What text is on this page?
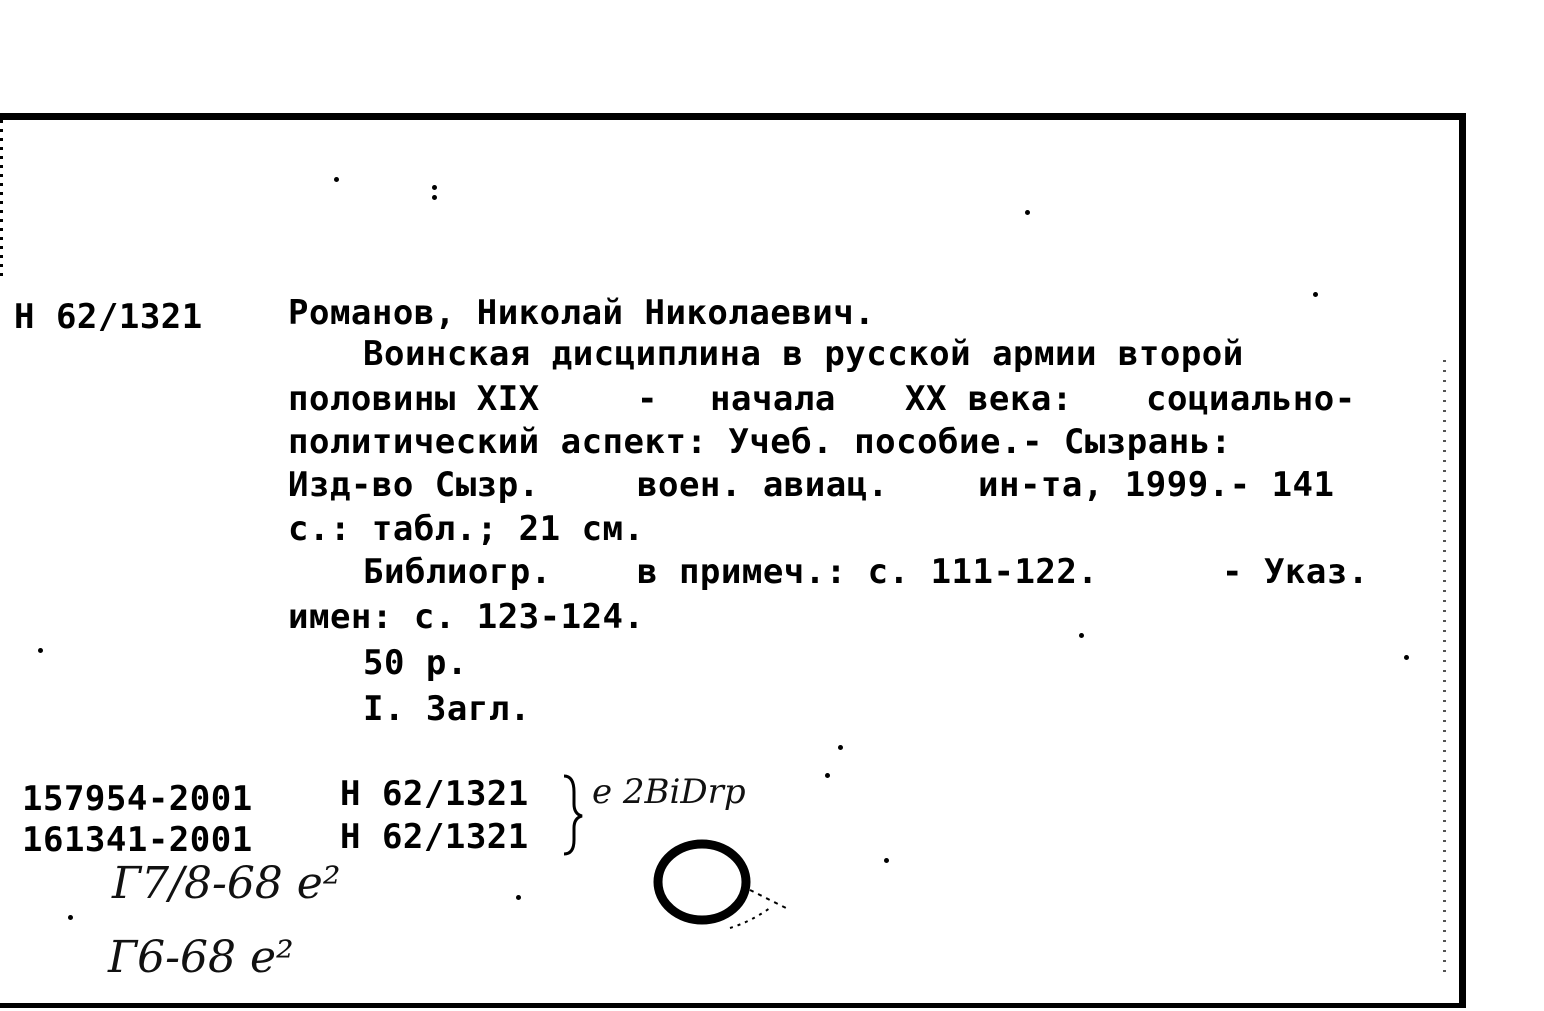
Н 62/1321	Романов, Николай Николаевич.
Воинская дисциплина в русской армии второй
половины XIX	- начала XX века: социально-
политический аспект: Учеб. пособие.- Сызрань:
Изд-во Сызр.	воен. авиац.	ин-та, 1999.- 141
с.: табл.; 21 см.
Библиогр.	в примеч.: с. 111-122.	- Указ.
имен: с. 123-124.
50 р.
I. Загл.
157954-2001	Н 62/1321
161341-2001	Н 62/1321
e 2BiDrp
Г7/8-68 e²
Г6-68 e²
